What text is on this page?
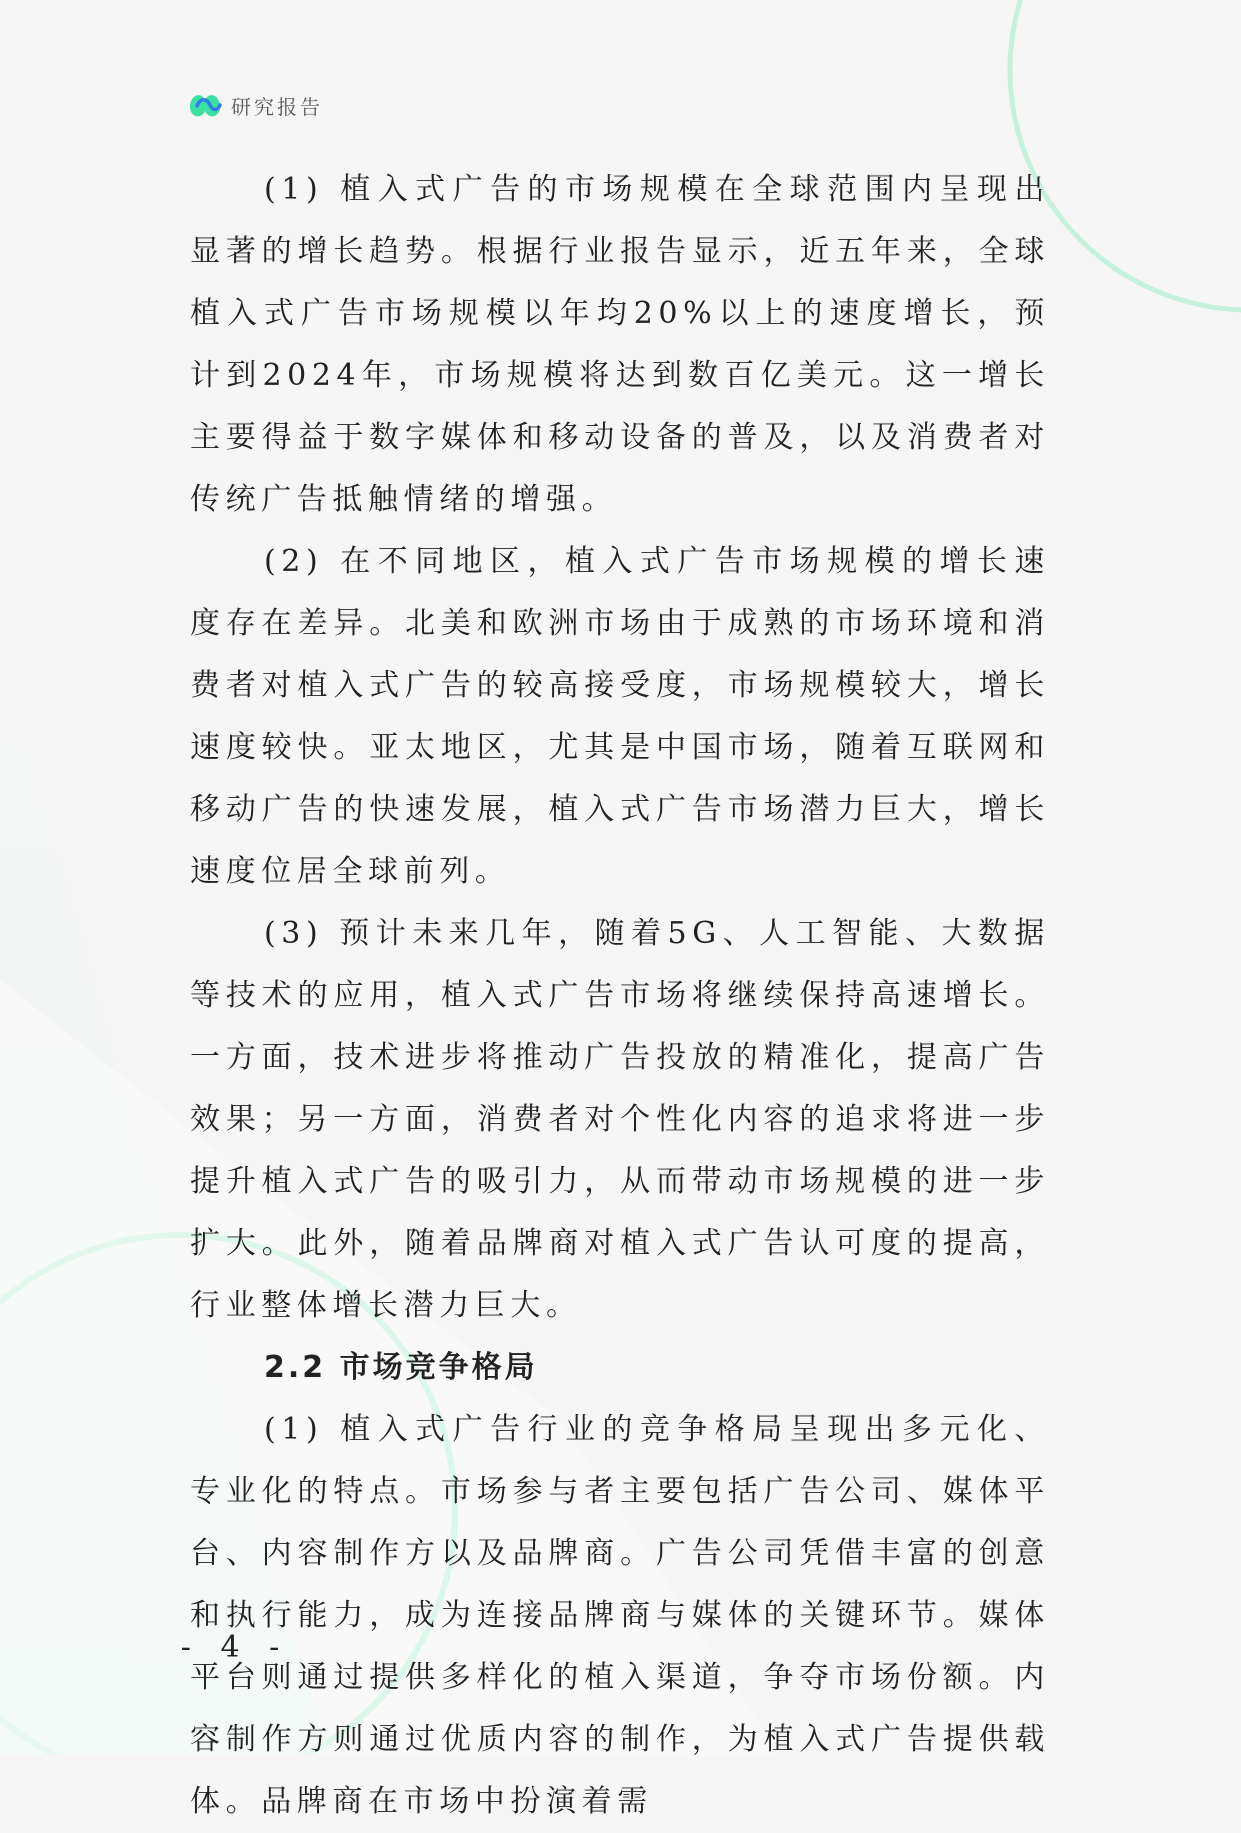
研究报告

(1) 植入式广告的市场规模在全球范围内呈现出显著的增长趋势。根据行业报告显示，近五年来，全球植入式广告市场规模以年均20%以上的速度增长，预计到2024年，市场规模将达到数百亿美元。这一增长主要得益于数字媒体和移动设备的普及，以及消费者对传统广告抵触情绪的增强。

(2) 在不同地区，植入式广告市场规模的增长速度存在差异。北美和欧洲市场由于成熟的市场环境和消费者对植入式广告的较高接受度，市场规模较大，增长速度较快。亚太地区，尤其是中国市场，随着互联网和移动广告的快速发展，植入式广告市场潜力巨大，增长速度位居全球前列。

(3) 预计未来几年，随着5G、人工智能、大数据等技术的应用，植入式广告市场将继续保持高速增长。一方面，技术进步将推动广告投放的精准化，提高广告效果；另一方面，消费者对个性化内容的追求将进一步提升植入式广告的吸引力，从而带动市场规模的进一步扩大。此外，随着品牌商对植入式广告认可度的提高，行业整体增长潜力巨大。

2.2 市场竞争格局

(1) 植入式广告行业的竞争格局呈现出多元化、专业化的特点。市场参与者主要包括广告公司、媒体平台、内容制作方以及品牌商。广告公司凭借丰富的创意和执行能力，成为连接品牌商与媒体的关键环节。媒体平台则通过提供多样化的植入渠道，争夺市场份额。内容制作方则通过优质内容的制作，为植入式广告提供载体。品牌商在市场中扮演着需

- 4 -
